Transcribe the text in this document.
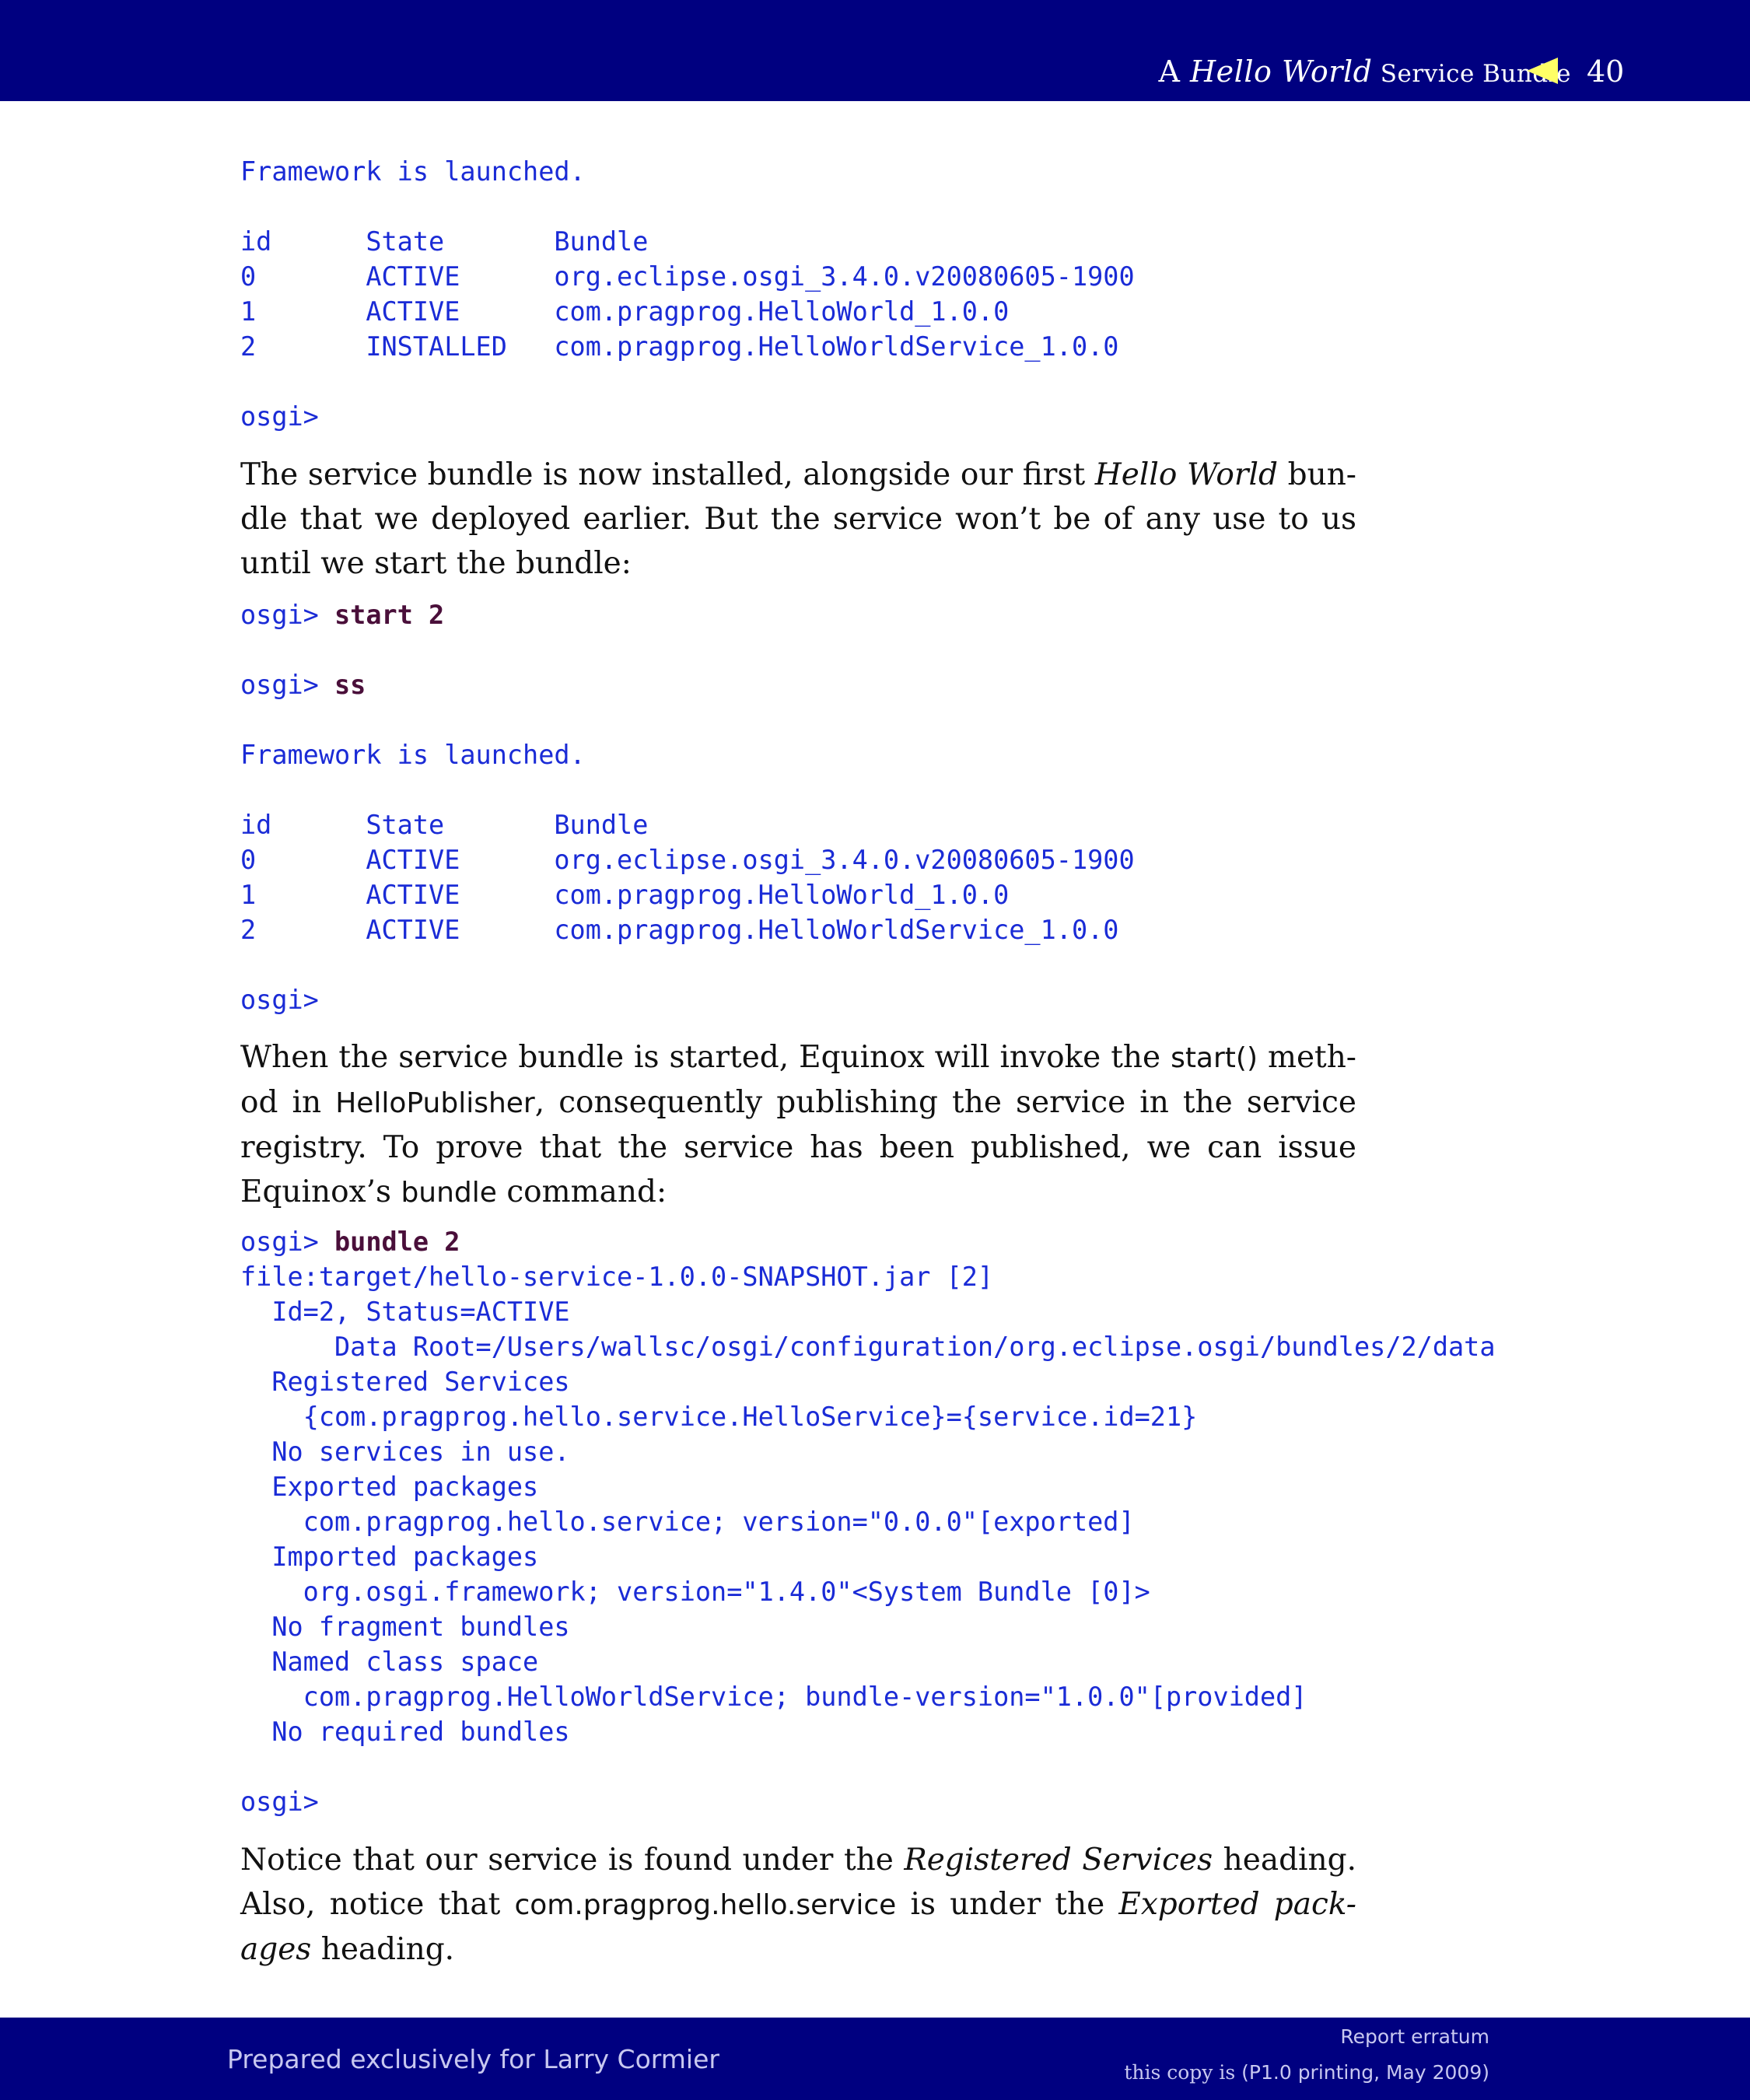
A Hello World Service Bundle 40
Framework is launched.

id      State       Bundle
0       ACTIVE      org.eclipse.osgi_3.4.0.v20080605-1900
1       ACTIVE      com.pragprog.HelloWorld_1.0.0
2       INSTALLED   com.pragprog.HelloWorldService_1.0.0

osgi>
The service bundle is now installed, alongside our first Hello World bun-dle that we deployed earlier. But the service won’t be of any use to us until we start the bundle:
osgi> start 2

osgi> ss

Framework is launched.

id      State       Bundle
0       ACTIVE      org.eclipse.osgi_3.4.0.v20080605-1900
1       ACTIVE      com.pragprog.HelloWorld_1.0.0
2       ACTIVE      com.pragprog.HelloWorldService_1.0.0

osgi>
When the service bundle is started, Equinox will invoke the start() meth-od in HelloPublisher, consequently publishing the service in the service registry. To prove that the service has been published, we can issue Equinox’s bundle command:
osgi> bundle 2
file:target/hello-service-1.0.0-SNAPSHOT.jar [2]
Id=2, Status=ACTIVE
Data Root=/Users/wallsc/osgi/configuration/org.eclipse.osgi/bundles/2/data
Registered Services
{com.pragprog.hello.service.HelloService}={service.id=21}
No services in use.
Exported packages
com.pragprog.hello.service; version="0.0.0"[exported]
Imported packages
org.osgi.framework; version="1.4.0"<System Bundle [0]>
No fragment bundles
Named class space
com.pragprog.HelloWorldService; bundle-version="1.0.0"[provided]
No required bundles

osgi>
Notice that our service is found under the Registered Services heading. Also, notice that com.pragprog.hello.service is under the Exported pack-ages heading.
Prepared exclusively for Larry Cormier
Report erratum
this copy is (P1.0 printing, May 2009)
